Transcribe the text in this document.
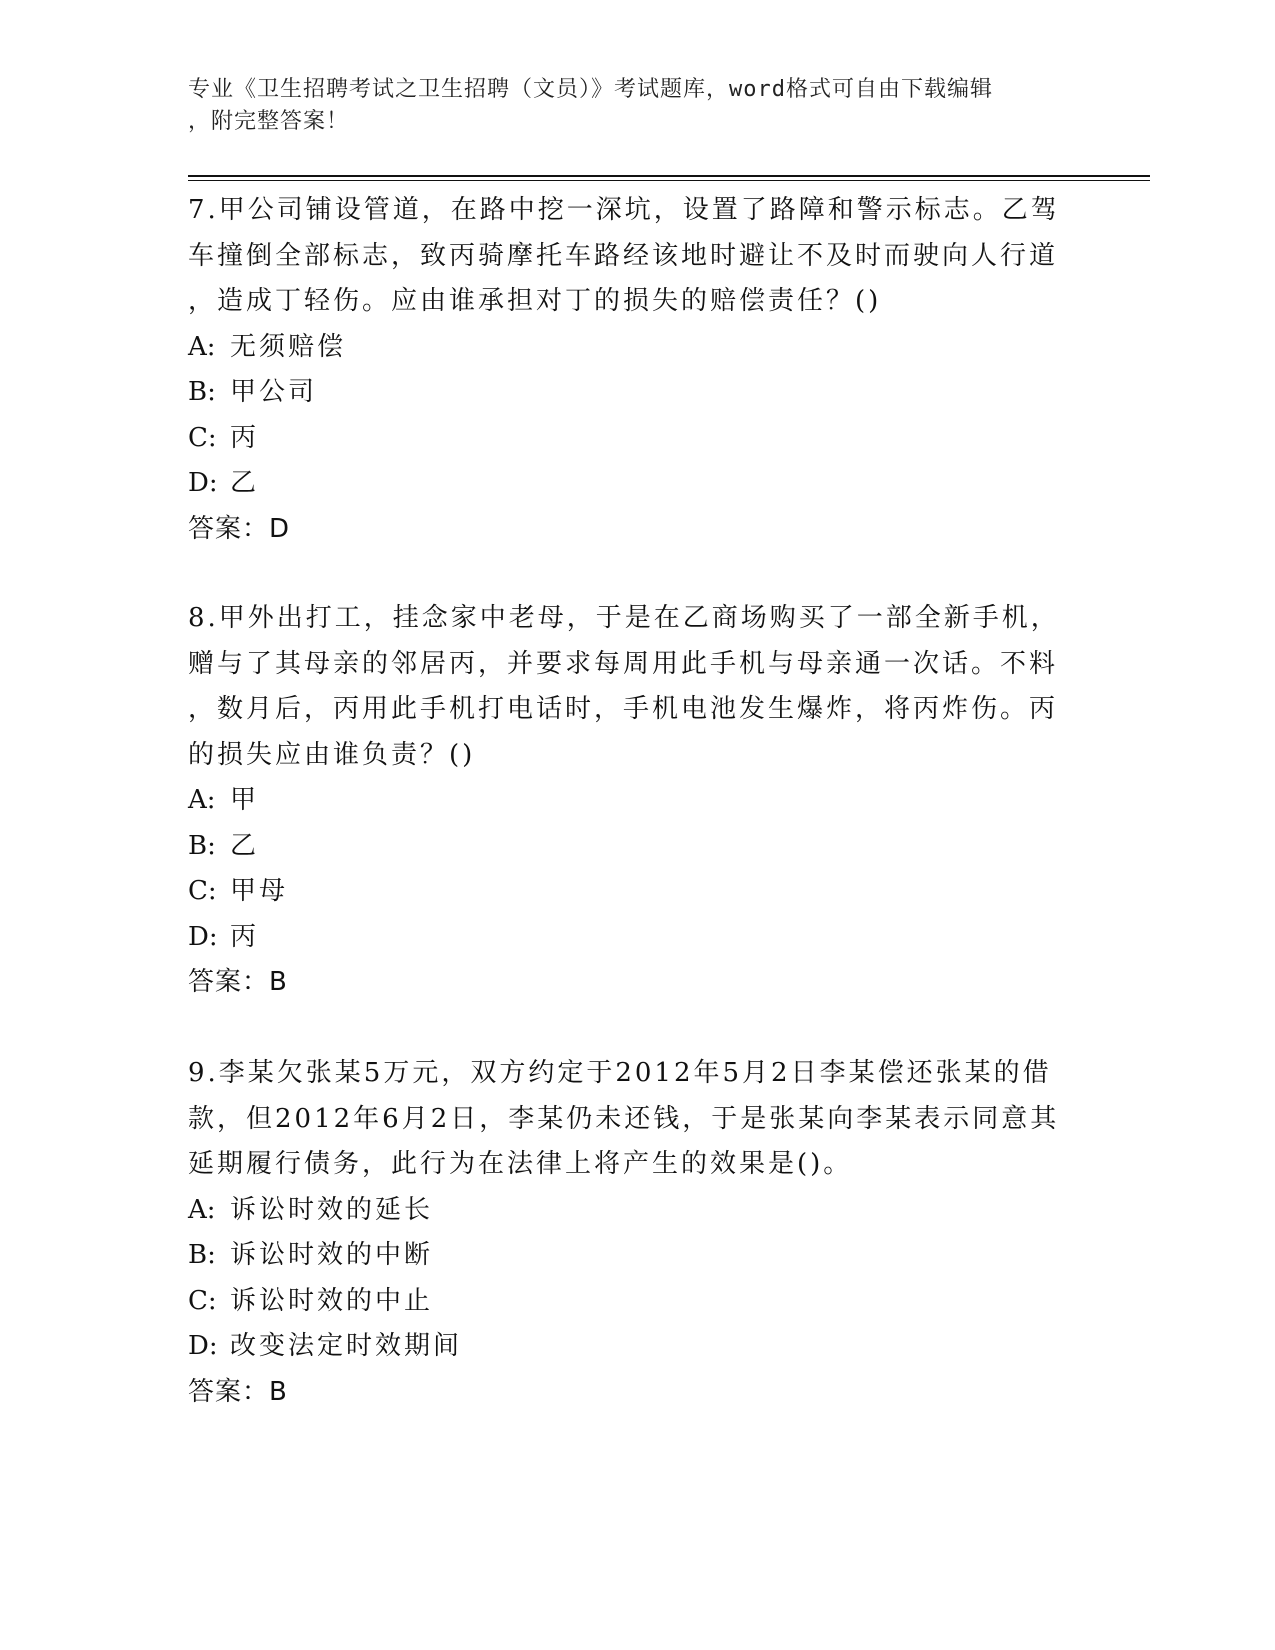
专业《卫生招聘考试之卫生招聘（文员）》考试题库，word格式可自由下载编辑

，附完整答案！

7.甲公司铺设管道，在路中挖一深坑，设置了路障和警示标志。乙驾

车撞倒全部标志，致丙骑摩托车路经该地时避让不及时而驶向人行道

，造成丁轻伤。应由谁承担对丁的损失的赔偿责任？()

A: 无须赔偿

B: 甲公司

C: 丙

D: 乙

答案：D

8.甲外出打工，挂念家中老母，于是在乙商场购买了一部全新手机，

赠与了其母亲的邻居丙，并要求每周用此手机与母亲通一次话。不料

，数月后，丙用此手机打电话时，手机电池发生爆炸，将丙炸伤。丙

的损失应由谁负责？()

A: 甲

B: 乙

C: 甲母

D: 丙

答案：B

9.李某欠张某5万元，双方约定于2012年5月2日李某偿还张某的借

款，但2012年6月2日，李某仍未还钱，于是张某向李某表示同意其

延期履行债务，此行为在法律上将产生的效果是()。

A: 诉讼时效的延长

B: 诉讼时效的中断

C: 诉讼时效的中止

D: 改变法定时效期间

答案：B
